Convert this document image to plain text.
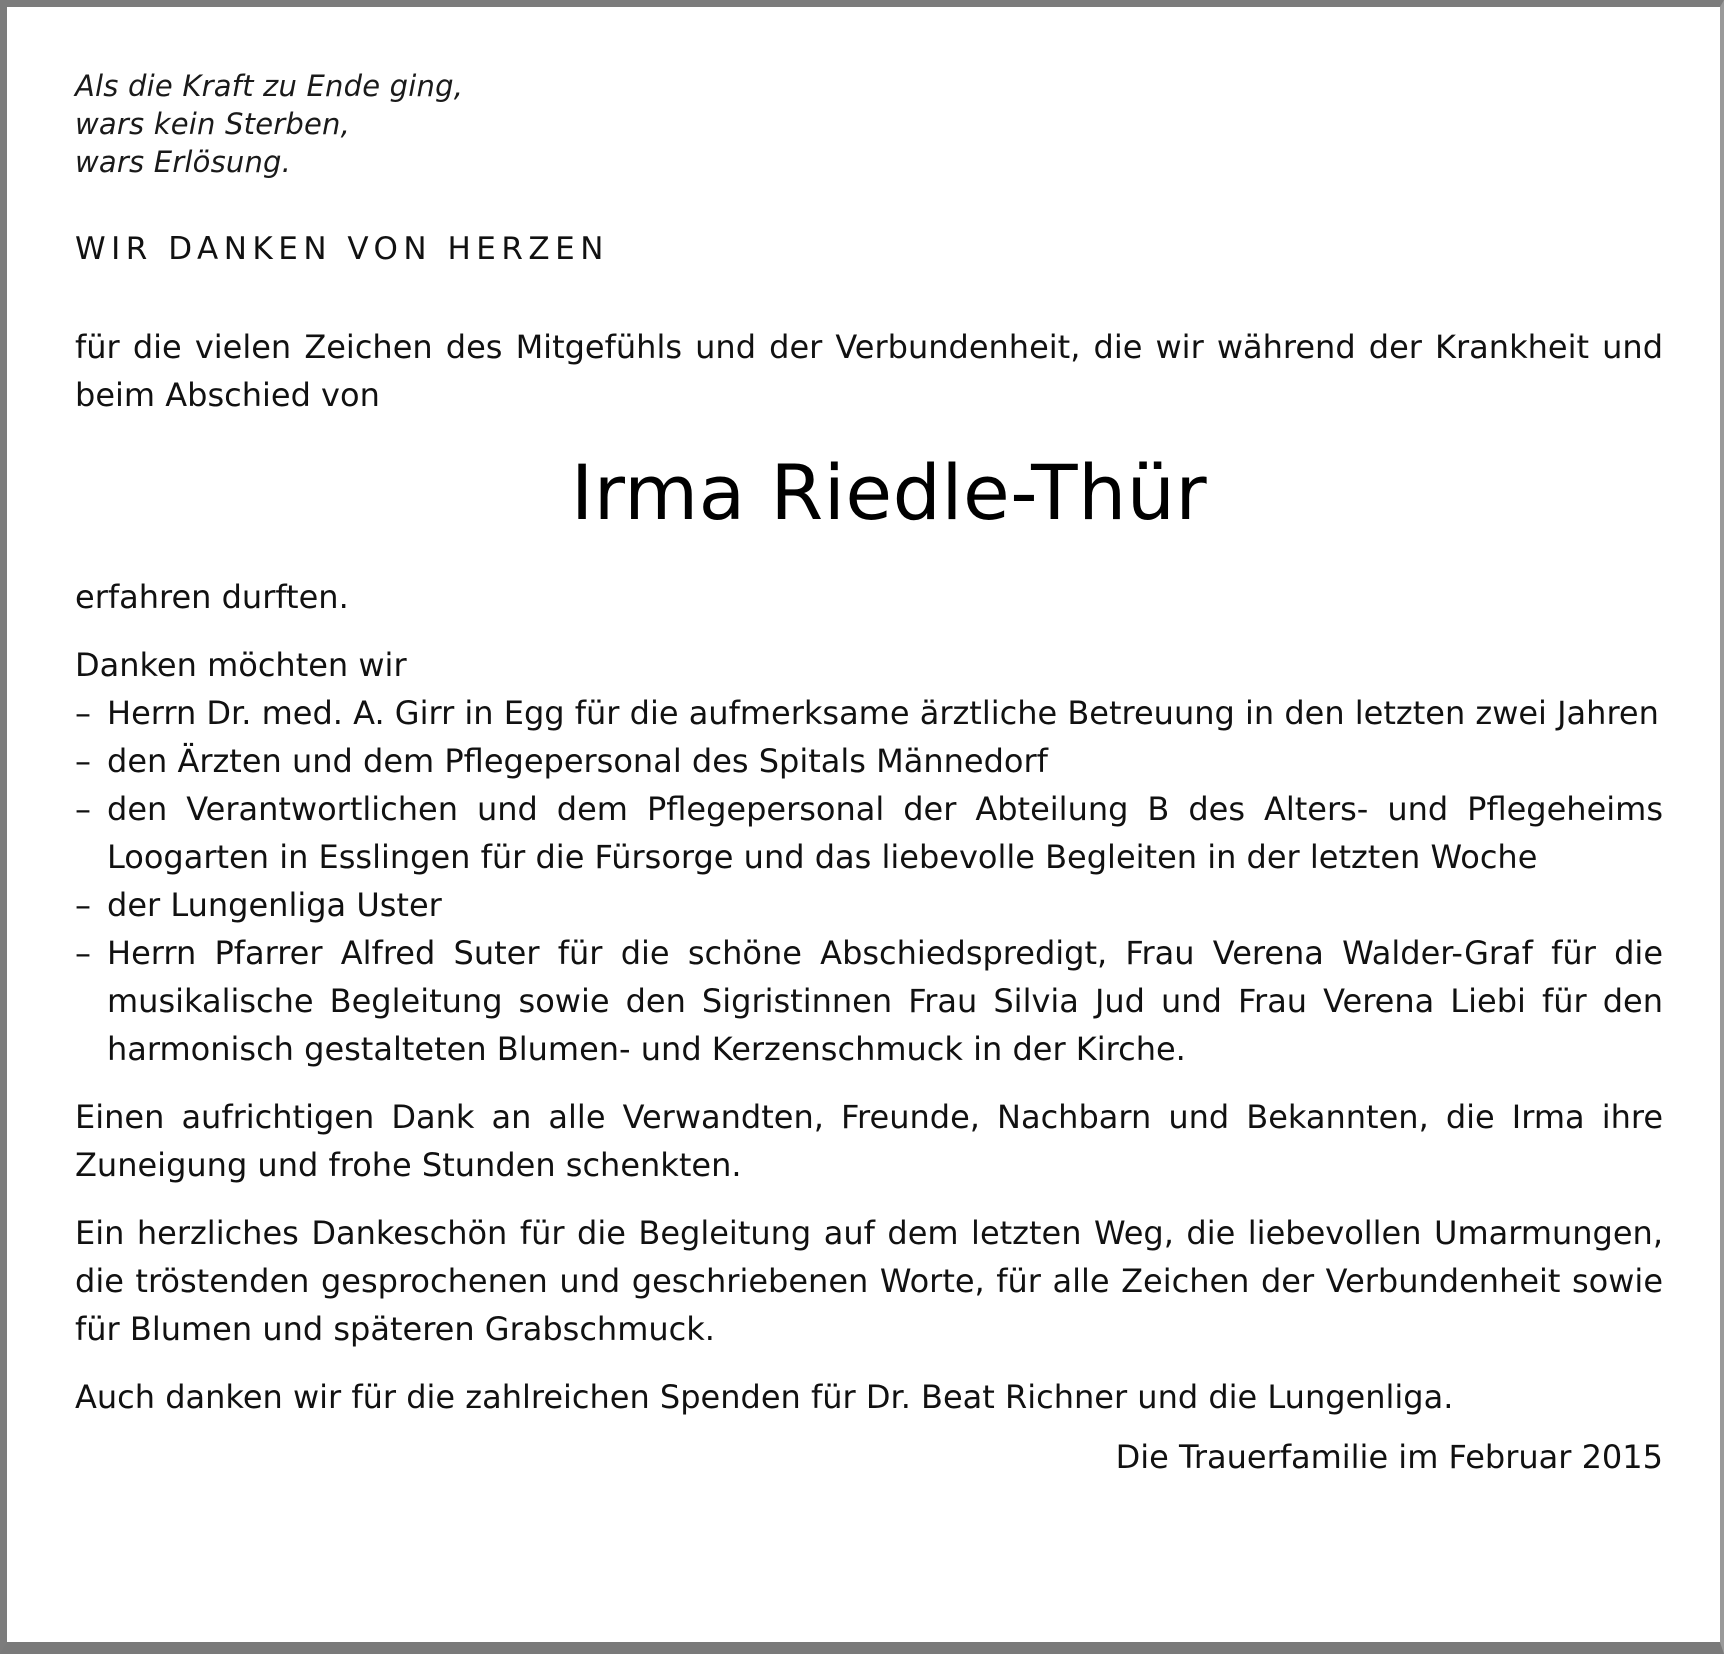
Als die Kraft zu Ende ging,
wars kein Sterben,
wars Erlösung.
WIR DANKEN VON HERZEN
für die vielen Zeichen des Mitgefühls und der Verbundenheit, die wir während der Krankheit und beim Abschied von
Irma Riedle-Thür
erfahren durften.
Danken möchten wir
– Herrn Dr. med. A. Girr in Egg für die aufmerksame ärztliche Betreuung in den letzten zwei Jahren
– den Ärzten und dem Pflegepersonal des Spitals Männedorf
– den Verantwortlichen und dem Pflegepersonal der Abteilung B des Alters- und Pflegeheims Loogarten in Esslingen für die Fürsorge und das liebevolle Begleiten in der letzten Woche
– der Lungenliga Uster
– Herrn Pfarrer Alfred Suter für die schöne Abschiedspredigt, Frau Verena Walder-Graf für die musikalische Begleitung sowie den Sigristinnen Frau Silvia Jud und Frau Verena Liebi für den harmonisch gestalteten Blumen- und Kerzenschmuck in der Kirche.
Einen aufrichtigen Dank an alle Verwandten, Freunde, Nachbarn und Bekannten, die Irma ihre Zuneigung und frohe Stunden schenkten.
Ein herzliches Dankeschön für die Begleitung auf dem letzten Weg, die liebevollen Umarmungen, die tröstenden gesprochenen und geschriebenen Worte, für alle Zeichen der Verbundenheit sowie für Blumen und späteren Grabschmuck.
Auch danken wir für die zahlreichen Spenden für Dr. Beat Richner und die Lungenliga.
Die Trauerfamilie im Februar 2015
